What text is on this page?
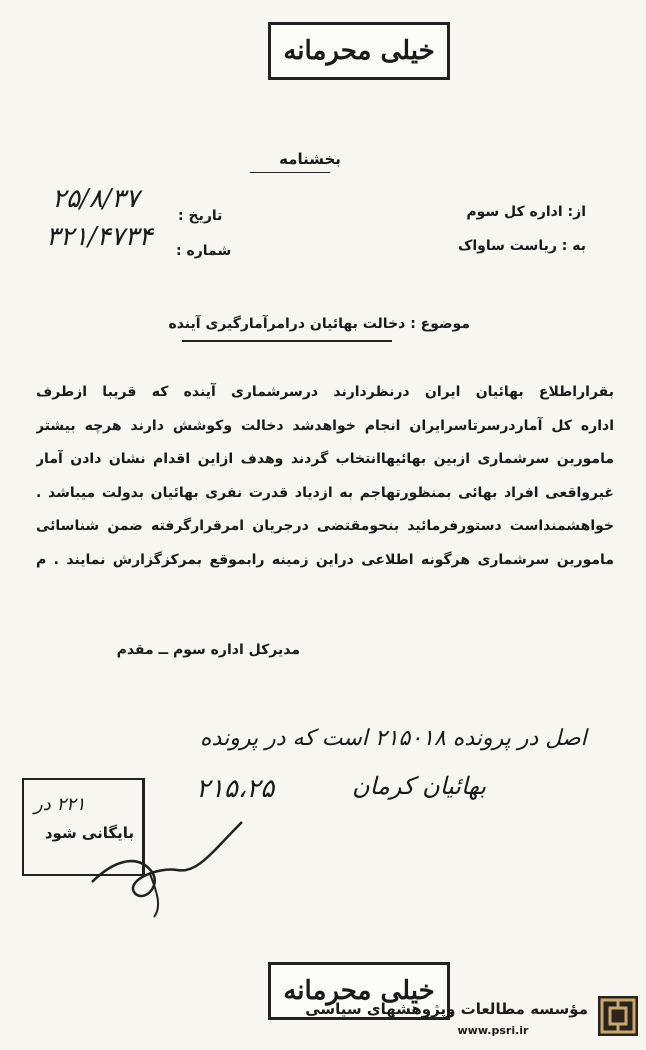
خیلی محرمانه
بخشنامه
از: اداره کل سوم
به : ریاست ساواک
تاریخ :
۲۵/۸/۳۷
شماره :
۳۲۱/۴۷۳۴
موضوع : دخالت بهائیان درامرآمارگیری آینده
بقراراطلاع بهائیان ایران درنظردارند درسرشماری آینده که قریبا ازطرف
اداره کل آماردرسرتاسرایران انجام خواهدشد دخالت وکوشش دارند هرچه بیشتر
مامورین سرشماری ازبین بهائیهاانتخاب گردند وهدف ازاین اقدام نشان دادن آمار
غیرواقعی افراد بهائی بمنظورتهاجم به ازدیاد قدرت نفری بهائیان بدولت میباشد .
خواهشمنداست دستورفرمائید بنحومقتضی درجریان امرقرارگرفته ضمن شناسائی
مامورین سرشماری هرگونه اطلاعی دراین زمینه رابموقع بمرکزگزارش نمایند . م
مدیرکل اداره سوم ــ مقدم
اصل در پرونده ۲۱۵۰۱۸ است که در پرونده
بهائیان کرمان
۲۱۵،۲۵
۲۲۱ در
بایگانی شود
خیلی محرمانه
مؤسسه مطالعات وپژوهشهای سیاسی
www.psri.ir
